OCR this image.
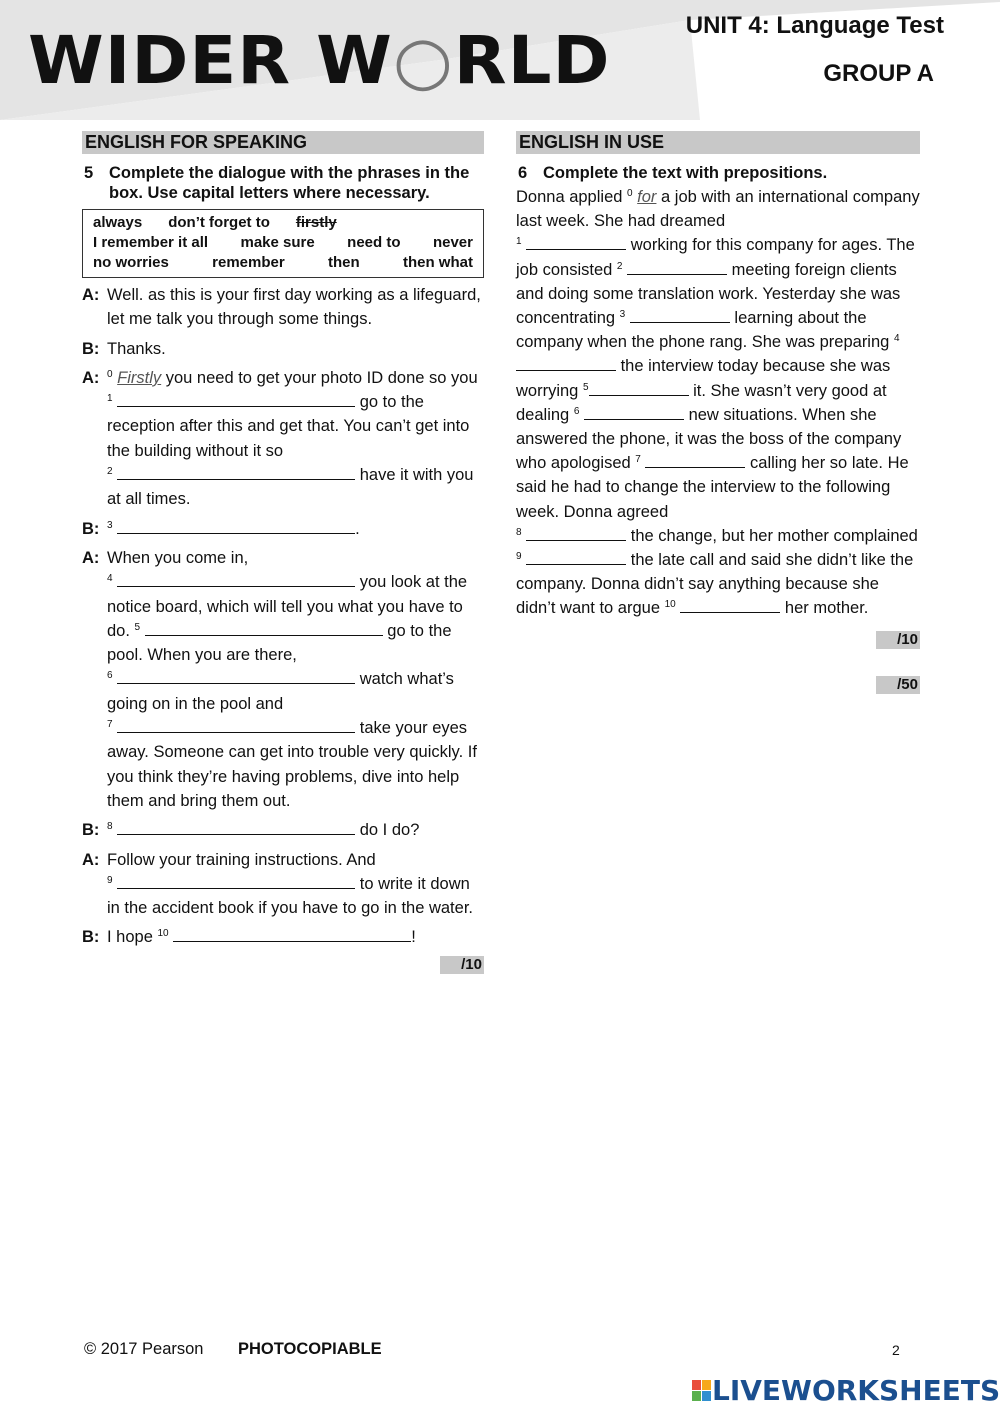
WIDER W○RLD	UNIT 4: Language Test
GROUP A
ENGLISH FOR SPEAKING
5 Complete the dialogue with the phrases in the box. Use capital letters where necessary.
always don’t forget to firstly
I remember it all make sure need to never
no worries	remember	then	then what
A: Well. as this is your first day working as a lifeguard, let me talk you through some things.
B: Thanks.
A: $^0$ Firstly you need to get your photo ID done so you $^1$	go to the reception after this and get that. You can’t get into the building without it so
$^2$	have it with you at all times.
B: $^3$	.
A: When you come in,
$^4$	you look at the notice board, which will tell you what you have to do. $^5$	go to the pool. When you are there,
$^6$	watch what’s going on in the pool and
$^7$	take your eyes away. Someone can get into trouble very quickly. If you think they’re having problems, dive into help them and bring them out.
B: $^8$	do I do?
A: Follow your training instructions. And
$^9$	to write it down in the accident book if you have to go in the water.
B: I hope $^{10}$	!
/10
ENGLISH IN USE
6 Complete the text with prepositions.
Donna applied $^0$ for a job with an international company last week. She had dreamed
$^1$	working for this company for ages. The job consisted $^2$	meeting foreign clients and doing some translation work. Yesterday she was concentrating $^3$	learning about the company when the phone rang. She was preparing $^4$  the interview today because she was worrying $^5$	it. She wasn’t very good at dealing $^6$	new situations. When she answered the phone, it was the boss of the company who apologised $^7$	calling her so late. He said he had to change the interview to the following week. Donna agreed
$^8$	the change, but her mother complained $^9$	the late call and said she didn’t like the company. Donna didn’t say anything because she didn’t want to argue $^{10}$	her mother.
/10
/50
© 2017 Pearson PHOTOCOPIABLE	2
LIVEWORKSHEETS
